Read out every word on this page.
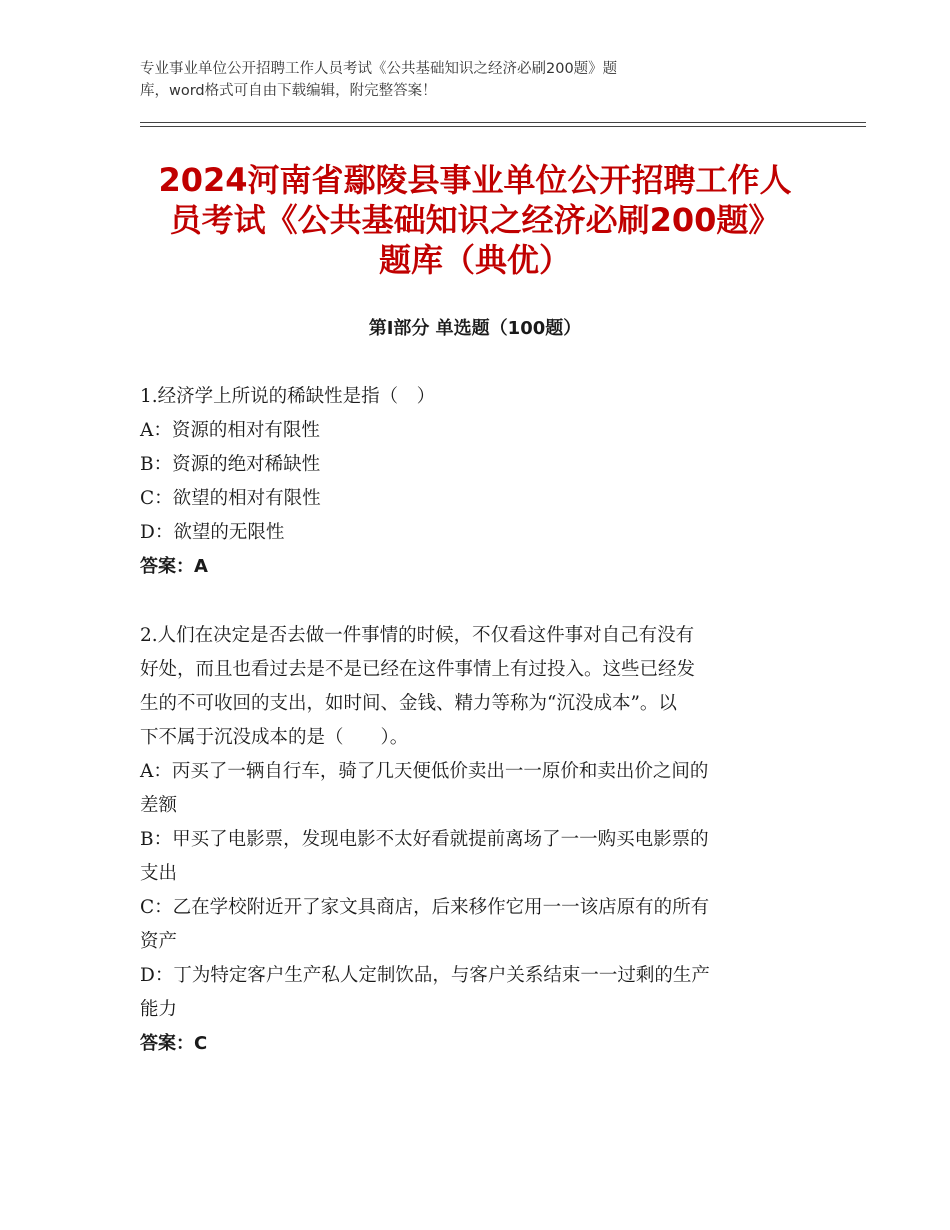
专业事业单位公开招聘工作人员考试《公共基础知识之经济必刷200题》题
库，word格式可自由下载编辑，附完整答案！
2024河南省鄢陵县事业单位公开招聘工作人
员考试《公共基础知识之经济必刷200题》
题库（典优）
第Ⅰ部分 单选题（100题）
1.经济学上所说的稀缺性是指（　）
A：资源的相对有限性
B：资源的绝对稀缺性
C：欲望的相对有限性
D：欲望的无限性
答案：A
2.人们在决定是否去做一件事情的时候，不仅看这件事对自己有没有
好处，而且也看过去是不是已经在这件事情上有过投入。这些已经发
生的不可收回的支出，如时间、金钱、精力等称为“沉没成本”。以
下不属于沉没成本的是（　　）。
A：丙买了一辆自行车，骑了几天便低价卖出一一原价和卖出价之间的
差额
B：甲买了电影票，发现电影不太好看就提前离场了一一购买电影票的
支出
C：乙在学校附近开了家文具商店，后来移作它用一一该店原有的所有
资产
D：丁为特定客户生产私人定制饮品，与客户关系结束一一过剩的生产
能力
答案：C
